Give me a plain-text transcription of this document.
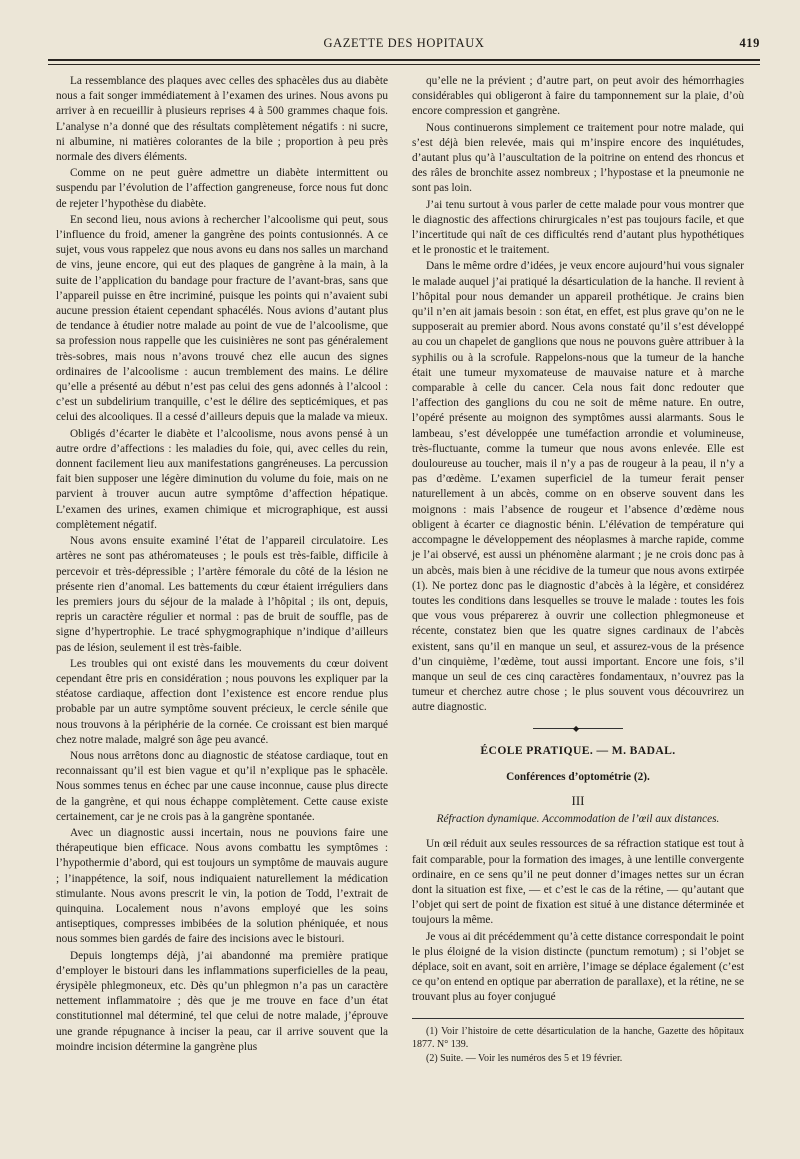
GAZETTE DES HOPITAUX	419

La ressemblance des plaques avec celles des sphacèles dus au diabète nous a fait songer immédiatement à l’examen des urines. Nous avons pu arriver à en recueillir à plusieurs reprises 4 à 500 grammes chaque fois. L’analyse n’a donné que des résultats complètement négatifs : ni sucre, ni albumine, ni matières colorantes de la bile ; proportion à peu près normale des divers éléments.

Comme on ne peut guère admettre un diabète intermittent ou suspendu par l’évolution de l’affection gangreneuse, force nous fut donc de rejeter l’hypothèse du diabète.

En second lieu, nous avions à rechercher l’alcoolisme qui peut, sous l’influence du froid, amener la gangrène des points contusionnés. A ce sujet, vous vous rappelez que nous avons eu dans nos salles un marchand de vins, jeune encore, qui eut des plaques de gangrène à la main, à la suite de l’application du bandage pour fracture de l’avant-bras, sans que l’appareil puisse en être incriminé, puisque les points qui n’avaient subi aucune pression étaient cependant sphacélés. Nous avions d’autant plus de tendance à étudier notre malade au point de vue de l’alcoolisme, que sa profession nous rappelle que les cuisinières ne sont pas généralement très-sobres, mais nous n’avons trouvé chez elle aucun des signes ordinaires de l’alcoolisme : aucun tremblement des mains. Le délire qu’elle a présenté au début n’est pas celui des gens adonnés à l’alcool : c’est un subdelirium tranquille, c’est le délire des septicémiques, et pas celui des alcooliques. Il a cessé d’ailleurs depuis que la malade va mieux.

Obligés d’écarter le diabète et l’alcoolisme, nous avons pensé à un autre ordre d’affections : les maladies du foie, qui, avec celles du rein, donnent facilement lieu aux manifestations gangréneuses. La percussion fait bien supposer une légère diminution du volume du foie, mais on ne parvient à trouver aucun autre symptôme d’affection hépatique. L’examen des urines, examen chimique et micrographique, est aussi complètement négatif.

Nous avons ensuite examiné l’état de l’appareil circulatoire. Les artères ne sont pas athéromateuses ; le pouls est très-faible, difficile à percevoir et très-dépressible ; l’artère fémorale du côté de la lésion ne présente rien d’anomal. Les battements du cœur étaient irréguliers dans les premiers jours du séjour de la malade à l’hôpital ; ils ont, depuis, repris un caractère régulier et normal : pas de bruit de souffle, pas de signe d’hypertrophie. Le tracé sphygmographique n’indique d’ailleurs pas de lésion, seulement il est très-faible.

Les troubles qui ont existé dans les mouvements du cœur doivent cependant être pris en considération ; nous pouvons les expliquer par la stéatose cardiaque, affection dont l’existence est encore rendue plus probable par un autre symptôme souvent précieux, le cercle sénile que nous trouvons à la périphérie de la cornée. Ce croissant est bien marqué chez notre malade, malgré son âge peu avancé.

Nous nous arrêtons donc au diagnostic de stéatose cardiaque, tout en reconnaissant qu’il est bien vague et qu’il n’explique pas le sphacèle. Nous sommes tenus en échec par une cause inconnue, cause plus directe de la gangrène, et qui nous échappe complètement. Cette cause existe certainement, car je ne crois pas à la gangrène spontanée.

Avec un diagnostic aussi incertain, nous ne pouvions faire une thérapeutique bien efficace. Nous avons combattu les symptômes : l’hypothermie d’abord, qui est toujours un symptôme de mauvais augure ; l’inappétence, la soif, nous indiquaient naturellement la médication stimulante. Nous avons prescrit le vin, la potion de Todd, l’extrait de quinquina. Localement nous n’avons employé que les soins antiseptiques, compresses imbibées de la solution phéniquée, et nous nous sommes bien gardés de faire des incisions avec le bistouri.

Depuis longtemps déjà, j’ai abandonné ma première pratique d’employer le bistouri dans les inflammations superficielles de la peau, érysipèle phlegmoneux, etc. Dès qu’un phlegmon n’a pas un caractère nettement inflammatoire ; dès que je me trouve en face d’un état constitutionnel mal déterminé, tel que celui de notre malade, j’éprouve une grande répugnance à inciser la peau, car il arrive souvent que la moindre incision détermine la gangrène plus

qu’elle ne la prévient ; d’autre part, on peut avoir des hémorrhagies considérables qui obligeront à faire du tamponnement sur la plaie, d’où encore compression et gangrène.

Nous continuerons simplement ce traitement pour notre malade, qui s’est déjà bien relevée, mais qui m’inspire encore des inquiétudes, d’autant plus qu’à l’auscultation de la poitrine on entend des rhoncus et des râles de bronchite assez nombreux ; l’hypostase et la pneumonie ne sont pas loin.

J’ai tenu surtout à vous parler de cette malade pour vous montrer que le diagnostic des affections chirurgicales n’est pas toujours facile, et que l’incertitude qui naît de ces difficultés rend d’autant plus hypothétiques et le pronostic et le traitement.

Dans le même ordre d’idées, je veux encore aujourd’hui vous signaler le malade auquel j’ai pratiqué la désarticulation de la hanche. Il revient à l’hôpital pour nous demander un appareil prothétique. Je crains bien qu’il n’en ait jamais besoin : son état, en effet, est plus grave qu’on ne le supposerait au premier abord. Nous avons constaté qu’il s’est développé au cou un chapelet de ganglions que nous ne pouvons guère attribuer à la syphilis ou à la scrofule. Rappelons-nous que la tumeur de la hanche était une tumeur myxomateuse de mauvaise nature et à marche comparable à celle du cancer. Cela nous fait donc redouter que l’affection des ganglions du cou ne soit de même nature. En outre, l’opéré présente au moignon des symptômes aussi alarmants. Sous le lambeau, s’est développée une tuméfaction arrondie et volumineuse, très-fluctuante, comme la tumeur que nous avons enlevée. Elle est douloureuse au toucher, mais il n’y a pas de rougeur à la peau, il n’y a pas d’œdème. L’examen superficiel de la tumeur ferait penser naturellement à un abcès, comme on en observe souvent dans les moignons : mais l’absence de rougeur et l’absence d’œdème nous obligent à écarter ce diagnostic bénin. L’élévation de température qui accompagne le développement des néoplasmes à marche rapide, comme je l’ai observé, est aussi un phénomène alarmant ; je ne crois donc pas à un abcès, mais bien à une récidive de la tumeur que nous avons extirpée (1). Ne portez donc pas le diagnostic d’abcès à la légère, et considérez toutes les conditions dans lesquelles se trouve le malade : toutes les fois que vous vous préparerez à ouvrir une collection phlegmoneuse et récente, constatez bien que les quatre signes cardinaux de l’abcès existent, sans qu’il en manque un seul, et assurez-vous de la présence d’un cinquième, l’œdème, tout aussi important. Encore une fois, s’il manque un seul de ces cinq caractères fondamentaux, n’ouvrez pas la tumeur et cherchez autre chose ; le plus souvent vous découvrirez un autre diagnostic.

◆
ÉCOLE PRATIQUE. — M. BADAL.
Conférences d’optométrie (2).
III
Réfraction dynamique. Accommodation de l’œil aux distances.

Un œil réduit aux seules ressources de sa réfraction statique est tout à fait comparable, pour la formation des images, à une lentille convergente ordinaire, en ce sens qu’il ne peut donner d’images nettes sur un écran dont la situation est fixe, — et c’est le cas de la rétine, — qu’autant que l’objet qui sert de point de fixation est situé à une distance déterminée et toujours la même.

Je vous ai dit précédemment qu’à cette distance correspondait le point le plus éloigné de la vision distincte (punctum remotum) ; si l’objet se déplace, soit en avant, soit en arrière, l’image se déplace également (c’est ce qu’on entend en optique par aberration de parallaxe), et la rétine, ne se trouvant plus au foyer conjugué

(1) Voir l’histoire de cette désarticulation de la hanche, Gazette des hôpitaux 1877. N° 139.

(2) Suite. — Voir les numéros des 5 et 19 février.
